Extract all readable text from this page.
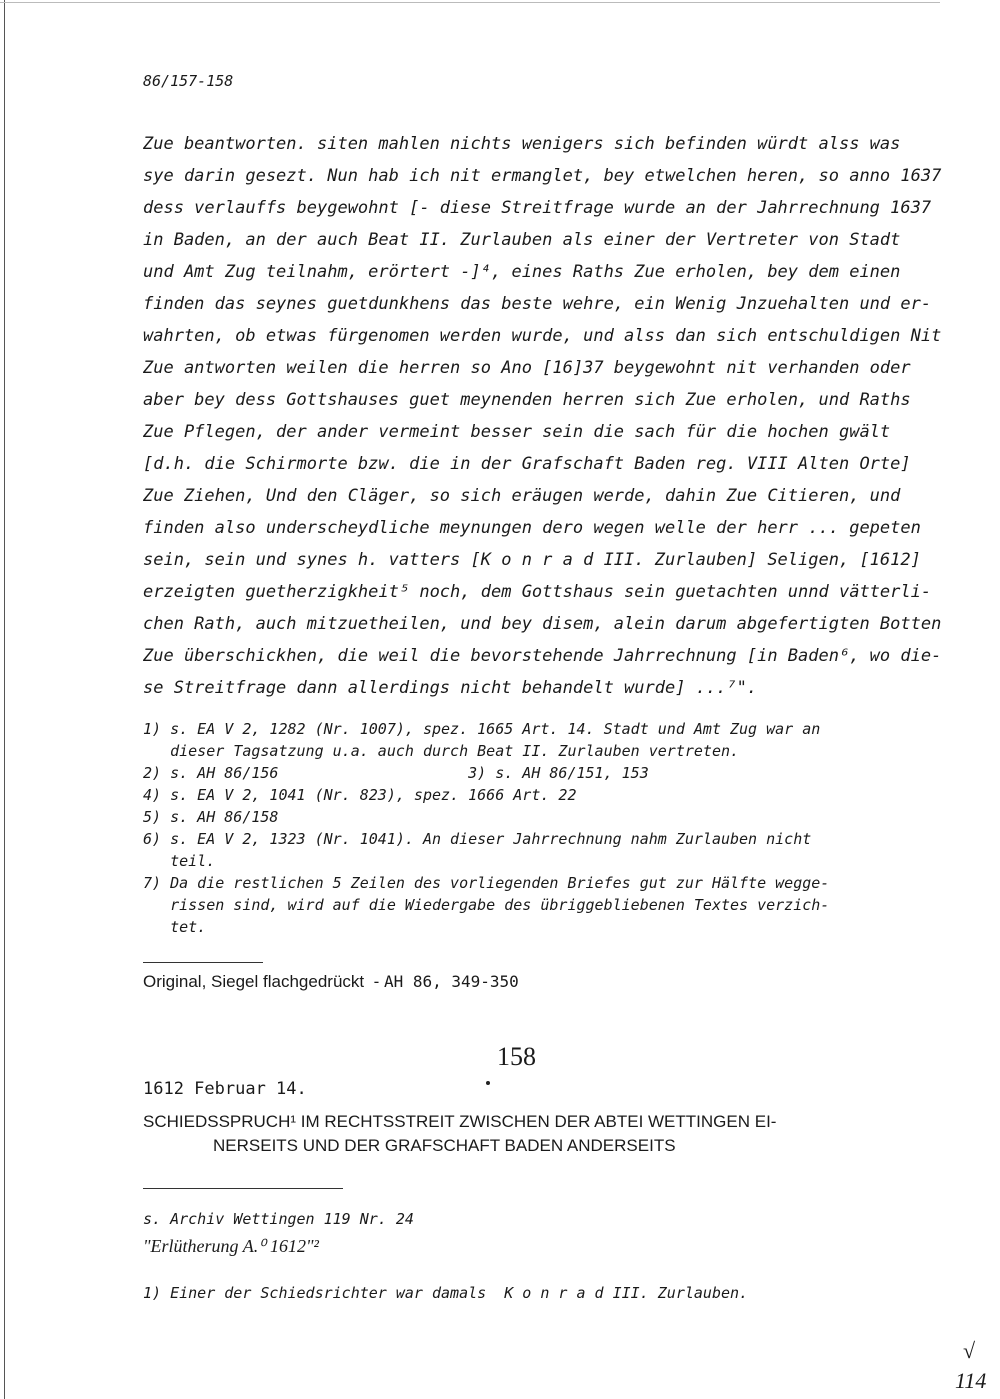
86/157-158
Zue beantworten. siten mahlen nichts wenigers sich befinden würdt alss was
sye darin gesezt. Nun hab ich nit ermanglet, bey etwelchen heren, so anno 1637
dess verlauffs beygewohnt [- diese Streitfrage wurde an der Jahrrechnung 1637
in Baden, an der auch Beat II. Zurlauben als einer der Vertreter von Stadt
und Amt Zug teilnahm, erörtert -]⁴, eines Raths Zue erholen, bey dem einen
finden das seynes guetdunkhens das beste wehre, ein Wenig Jnzuehalten und er-
wahrten, ob etwas fürgenomen werden wurde, und alss dan sich entschuldigen Nit
Zue antworten weilen die herren so Ano [16]37 beygewohnt nit verhanden oder
aber bey dess Gottshauses guet meynenden herren sich Zue erholen, und Raths
Zue Pflegen, der ander vermeint besser sein die sach für die hochen gwält
[d.h. die Schirmorte bzw. die in der Grafschaft Baden reg. VIII Alten Orte]
Zue Ziehen, Und den Cläger, so sich eräugen werde, dahin Zue Citieren, und
finden also underscheydliche meynungen dero wegen welle der herr ... gepeten
sein, sein und synes h. vatters [K o n r a d III. Zurlauben] Seligen, [1612]
erzeigten guetherzigkheit⁵ noch, dem Gottshaus sein guetachten unnd vätterli-
chen Rath, auch mitzuetheilen, und bey disem, alein darum abgefertigten Botten
Zue überschickhen, die weil die bevorstehende Jahrrechnung [in Baden⁶, wo die-
se Streitfrage dann allerdings nicht behandelt wurde] ...⁷".
1) s. EA V 2, 1282 (Nr. 1007), spez. 1665 Art. 14. Stadt und Amt Zug war an
dieser Tagsatzung u.a. auch durch Beat II. Zurlauben vertreten.
2) s. AH 86/156                     3) s. AH 86/151, 153
4) s. EA V 2, 1041 (Nr. 823), spez. 1666 Art. 22
5) s. AH 86/158
6) s. EA V 2, 1323 (Nr. 1041). An dieser Jahrrechnung nahm Zurlauben nicht
teil.
7) Da die restlichen 5 Zeilen des vorliegenden Briefes gut zur Hälfte wegge-
rissen sind, wird auf die Wiedergabe des übriggebliebenen Textes verzich-
tet.
Original, Siegel flachgedrückt  - AH 86, 349-350
158
1612 Februar 14.
SCHIEDSSPRUCH¹ IM RECHTSSTREIT ZWISCHEN DER ABTEI WETTINGEN EI-
NERSEITS UND DER GRAFSCHAFT BADEN ANDERSEITS
s. Archiv Wettingen 119 Nr. 24
"Erlütherung A.⁰ 1612"²
1) Einer der Schiedsrichter war damals  K o n r a d III. Zurlauben.
√
114
